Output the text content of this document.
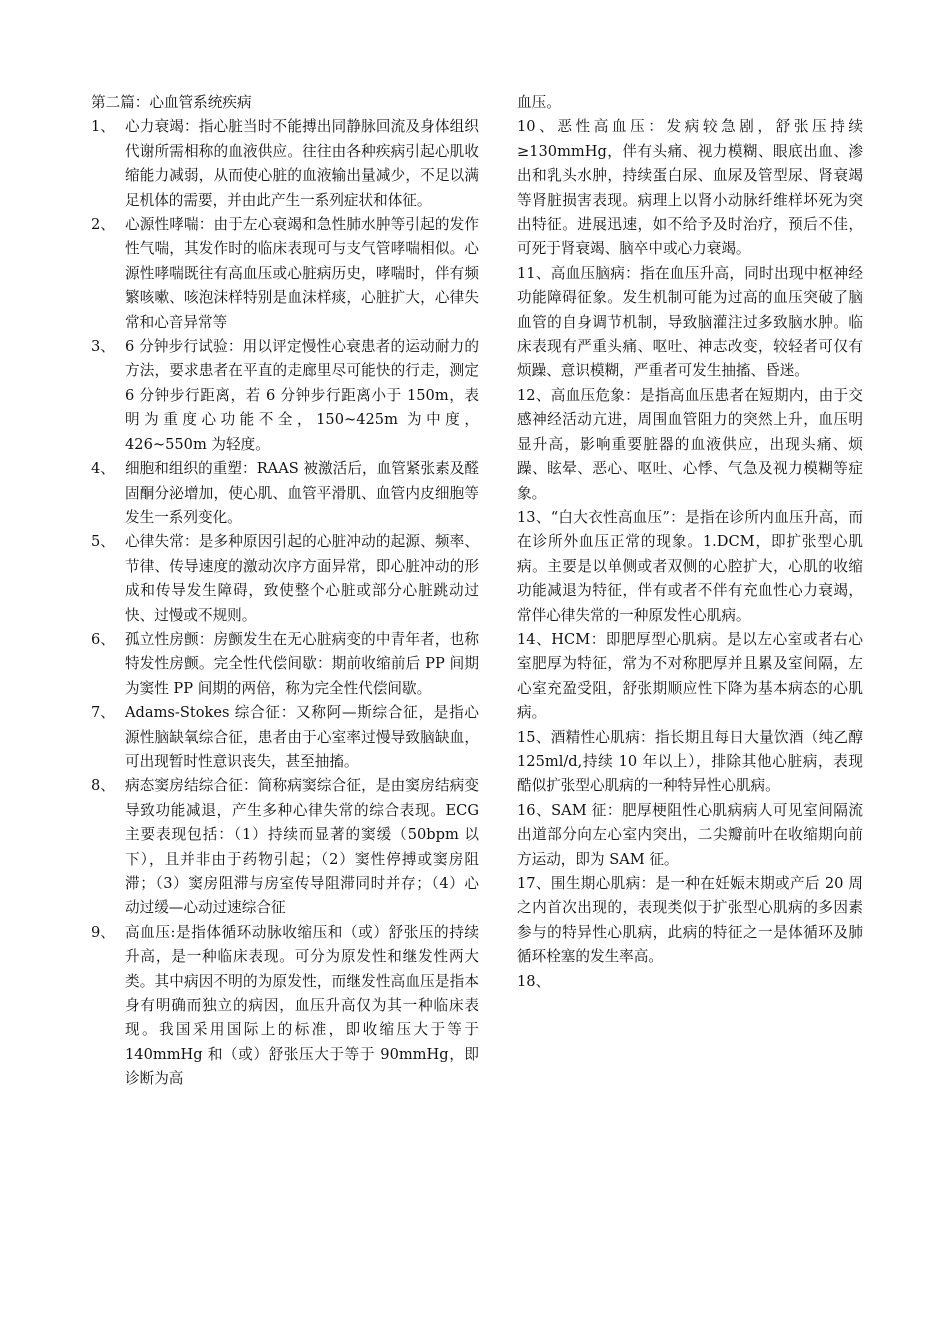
第二篇：心血管系统疾病

1、 心力衰竭：指心脏当时不能搏出同静脉回流及身体组织代谢所需相称的血液供应。往往由各种疾病引起心肌收缩能力减弱，从而使心脏的血液输出量减少，不足以满足机体的需要，并由此产生一系列症状和体征。
2、 心源性哮喘：由于左心衰竭和急性肺水肿等引起的发作性气喘，其发作时的临床表现可与支气管哮喘相似。心源性哮喘既往有高血压或心脏病历史，哮喘时，伴有频繁咳嗽、咳泡沫样特别是血沫样痰，心脏扩大，心律失常和心音异常等
3、 6 分钟步行试验：用以评定慢性心衰患者的运动耐力的方法，要求患者在平直的走廊里尽可能快的行走，测定 6 分钟步行距离，若 6 分钟步行距离小于 150m，表明为重度心功能不全，150~425m 为中度，426~550m 为轻度。
4、 细胞和组织的重塑：RAAS 被激活后，血管紧张素及醛固酮分泌增加，使心肌、血管平滑肌、血管内皮细胞等发生一系列变化。
5、 心律失常：是多种原因引起的心脏冲动的起源、频率、节律、传导速度的激动次序方面异常，即心脏冲动的形成和传导发生障碍，致使整个心脏或部分心脏跳动过快、过慢或不规则。
6、 孤立性房颤：房颤发生在无心脏病变的中青年者，也称特发性房颤。完全性代偿间歇：期前收缩前后 PP 间期为窦性 PP 间期的两倍，称为完全性代偿间歇。
7、 Adams-Stokes 综合征：又称阿—斯综合征，是指心源性脑缺氧综合征，患者由于心室率过慢导致脑缺血，可出现暂时性意识丧失，甚至抽搐。
8、 病态窦房结综合征：简称病窦综合征，是由窦房结病变导致功能减退，产生多种心律失常的综合表现。ECG 主要表现包括：（1）持续而显著的窦缓（50bpm 以下），且并非由于药物引起；（2）窦性停搏或窦房阻滞；（3）窦房阻滞与房室传导阻滞同时并存；（4）心动过缓—心动过速综合征
9、 高血压:是指体循环动脉收缩压和（或）舒张压的持续升高，是一种临床表现。可分为原发性和继发性两大类。其中病因不明的为原发性，而继发性高血压是指本身有明确而独立的病因，血压升高仅为其一种临床表现。我国采用国际上的标准，即收缩压大于等于 140mmHg 和（或）舒张压大于等于 90mmHg，即诊断为高

血压。

10、恶性高血压：发病较急剧，舒张压持续≥130mmHg，伴有头痛、视力模糊、眼底出血、渗出和乳头水肿，持续蛋白尿、血尿及管型尿、肾衰竭等肾脏损害表现。病理上以肾小动脉纤维样坏死为突出特征。进展迅速，如不给予及时治疗，预后不佳，可死于肾衰竭、脑卒中或心力衰竭。
11、高血压脑病：指在血压升高，同时出现中枢神经功能障碍征象。发生机制可能为过高的血压突破了脑血管的自身调节机制，导致脑灌注过多致脑水肿。临床表现有严重头痛、呕吐、神志改变，较轻者可仅有烦躁、意识模糊，严重者可发生抽搐、昏迷。
12、高血压危象：是指高血压患者在短期内，由于交感神经活动亢进，周围血管阻力的突然上升，血压明显升高，影响重要脏器的血液供应，出现头痛、烦躁、眩晕、恶心、呕吐、心悸、气急及视力模糊等症象。
13、“白大衣性高血压”：是指在诊所内血压升高，而在诊所外血压正常的现象。1.DCM，即扩张型心肌病。主要是以单侧或者双侧的心腔扩大，心肌的收缩功能减退为特征，伴有或者不伴有充血性心力衰竭，常伴心律失常的一种原发性心肌病。
14、HCM：即肥厚型心肌病。是以左心室或者右心室肥厚为特征，常为不对称肥厚并且累及室间隔，左心室充盈受阻，舒张期顺应性下降为基本病态的心肌病。
15、酒精性心肌病：指长期且每日大量饮酒（纯乙醇 125ml/d,持续 10 年以上），排除其他心脏病，表现酷似扩张型心肌病的一种特异性心肌病。
16、SAM 征：肥厚梗阻性心肌病病人可见室间隔流出道部分向左心室内突出，二尖瓣前叶在收缩期向前方运动，即为 SAM 征。
17、围生期心肌病：是一种在妊娠末期或产后 20 周之内首次出现的，表现类似于扩张型心肌病的多因素参与的特异性心肌病，此病的特征之一是体循环及肺循环栓塞的发生率高。
18、
